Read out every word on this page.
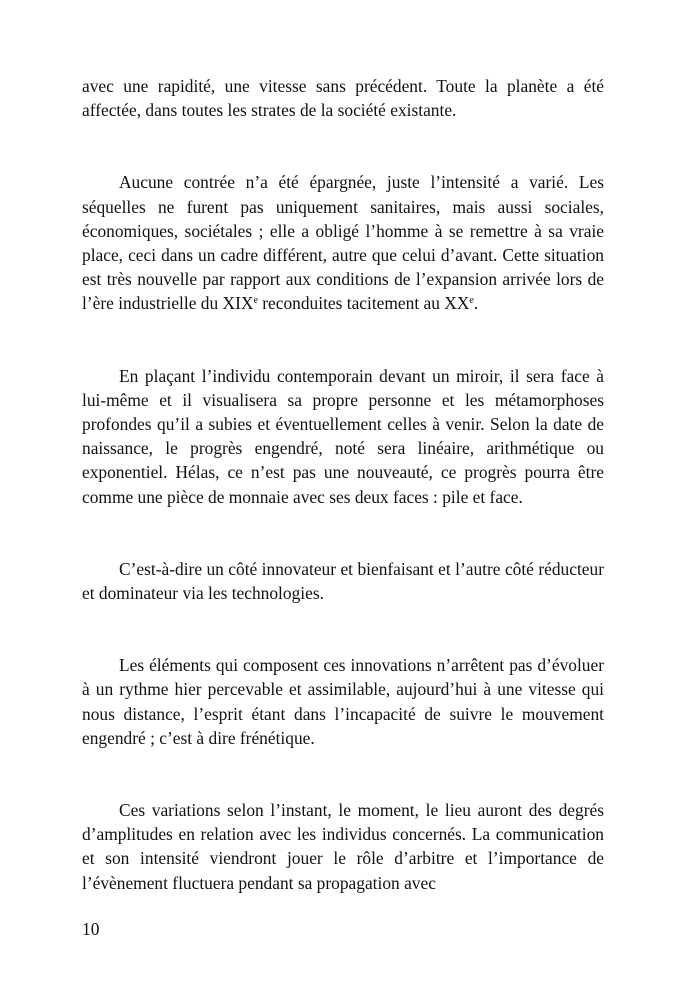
avec une rapidité, une vitesse sans précédent. Toute la planète a été affectée, dans toutes les strates de la société existante.

Aucune contrée n’a été épargnée, juste l’intensité a varié. Les séquelles ne furent pas uniquement sanitaires, mais aussi sociales, économiques, sociétales ; elle a obligé l’homme à se remettre à sa vraie place, ceci dans un cadre différent, autre que celui d’avant. Cette situation est très nouvelle par rapport aux conditions de l’expansion arrivée lors de l’ère industrielle du XIXe reconduites tacitement au XXe.

En plaçant l’individu contemporain devant un miroir, il sera face à lui-même et il visualisera sa propre personne et les métamorphoses profondes qu’il a subies et éventuellement celles à venir. Selon la date de naissance, le progrès engendré, noté sera linéaire, arithmétique ou exponentiel. Hélas, ce n’est pas une nouveauté, ce progrès pourra être comme une pièce de monnaie avec ses deux faces : pile et face.

C’est-à-dire un côté innovateur et bienfaisant et l’autre côté réducteur et dominateur via les technologies.

Les éléments qui composent ces innovations n’arrêtent pas d’évoluer à un rythme hier percevable et assimilable, aujourd’hui à une vitesse qui nous distance, l’esprit étant dans l’incapacité de suivre le mouvement engendré ; c’est à dire frénétique.

Ces variations selon l’instant, le moment, le lieu auront des degrés d’amplitudes en relation avec les individus concernés. La communication et son intensité viendront jouer le rôle d’arbitre et l’importance de l’évènement fluctuera pendant sa propagation avec

10
